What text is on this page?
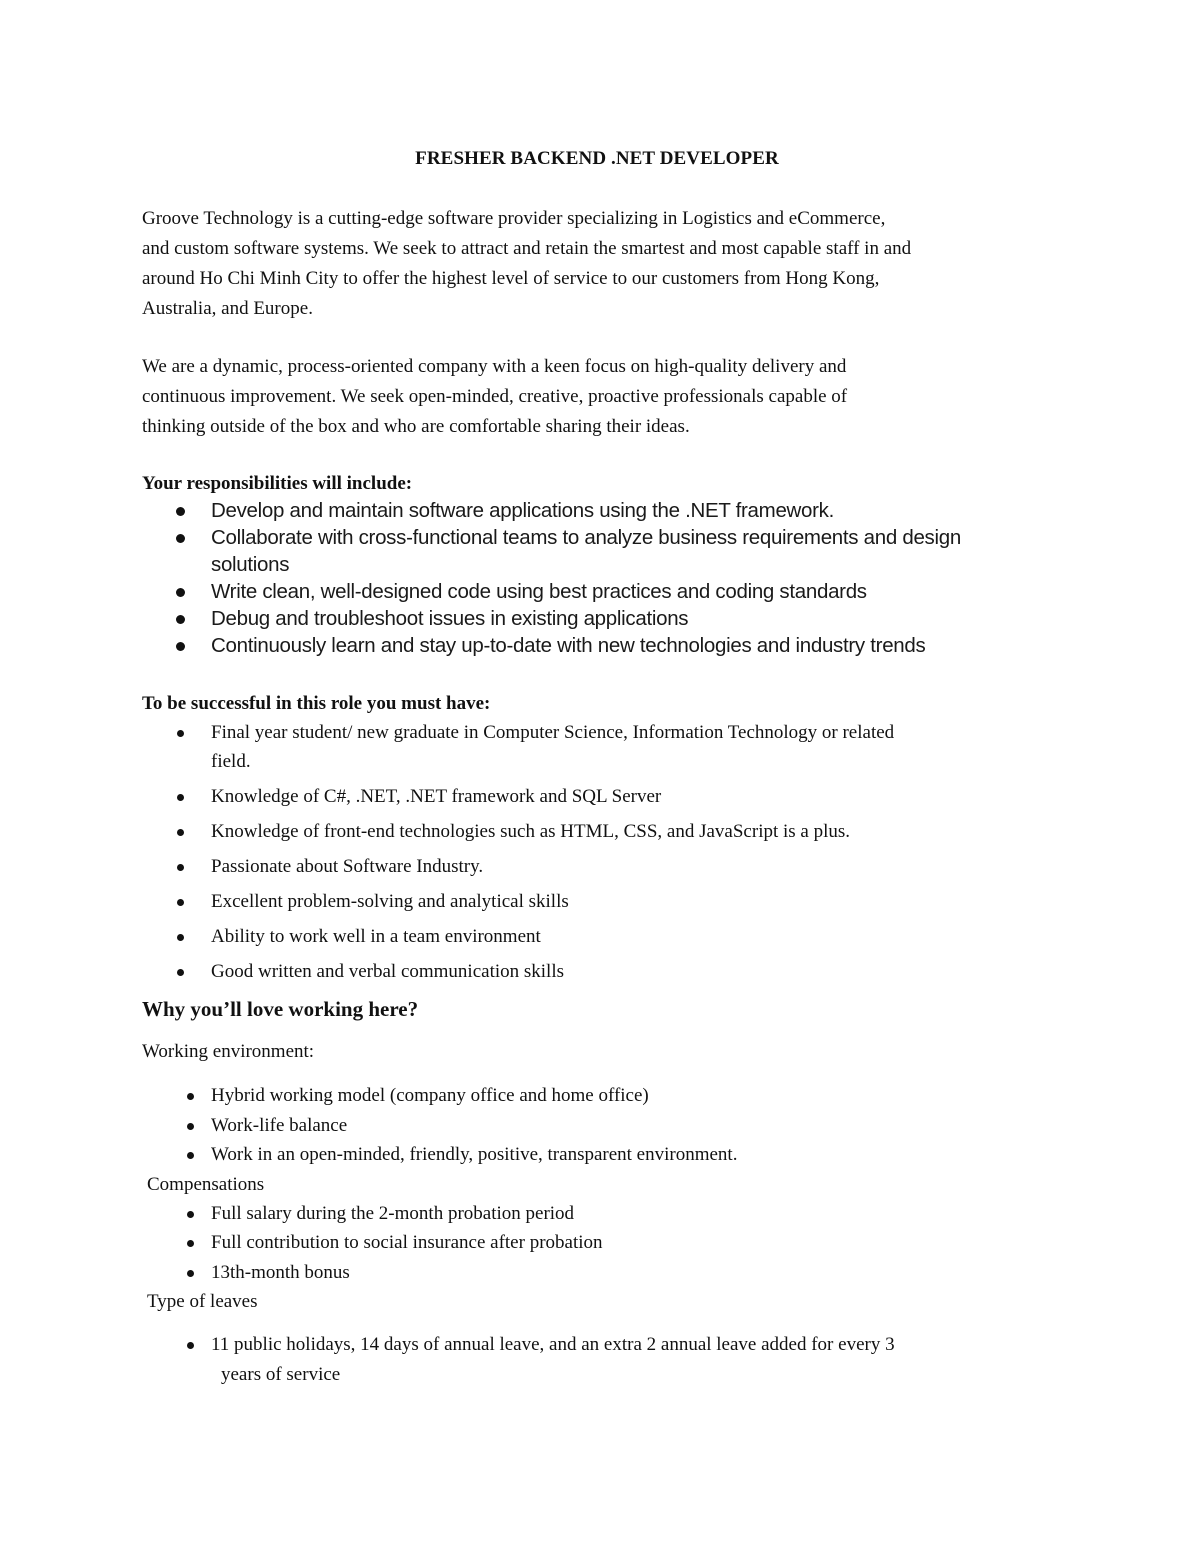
FRESHER BACKEND .NET DEVELOPER

Groove Technology is a cutting-edge software provider specializing in Logistics and eCommerce,
and custom software systems. We seek to attract and retain the smartest and most capable staff in and
around Ho Chi Minh City to offer the highest level of service to our customers from Hong Kong,
Australia, and Europe.

We are a dynamic, process-oriented company with a keen focus on high-quality delivery and
continuous improvement. We seek open-minded, creative, proactive professionals capable of
thinking outside of the box and who are comfortable sharing their ideas.

Your responsibilities will include:
Develop and maintain software applications using the .NET framework.
Collaborate with cross-functional teams to analyze business requirements and design
solutions
Write clean, well-designed code using best practices and coding standards
Debug and troubleshoot issues in existing applications
Continuously learn and stay up-to-date with new technologies and industry trends
To be successful in this role you must have:
Final year student/ new graduate in Computer Science, Information Technology or related
field.
Knowledge of C#, .NET, .NET framework and SQL Server
Knowledge of front-end technologies such as HTML, CSS, and JavaScript is a plus.
Passionate about Software Industry.
Excellent problem-solving and analytical skills
Ability to work well in a team environment
Good written and verbal communication skills
Why you’ll love working here?

Working environment:

Hybrid working model (company office and home office)
Work-life balance
Work in an open-minded, friendly, positive, transparent environment.

Compensations

Full salary during the 2-month probation period
Full contribution to social insurance after probation
13th-month bonus

Type of leaves

11 public holidays, 14 days of annual leave, and an extra 2 annual leave added for every 3
years of service
